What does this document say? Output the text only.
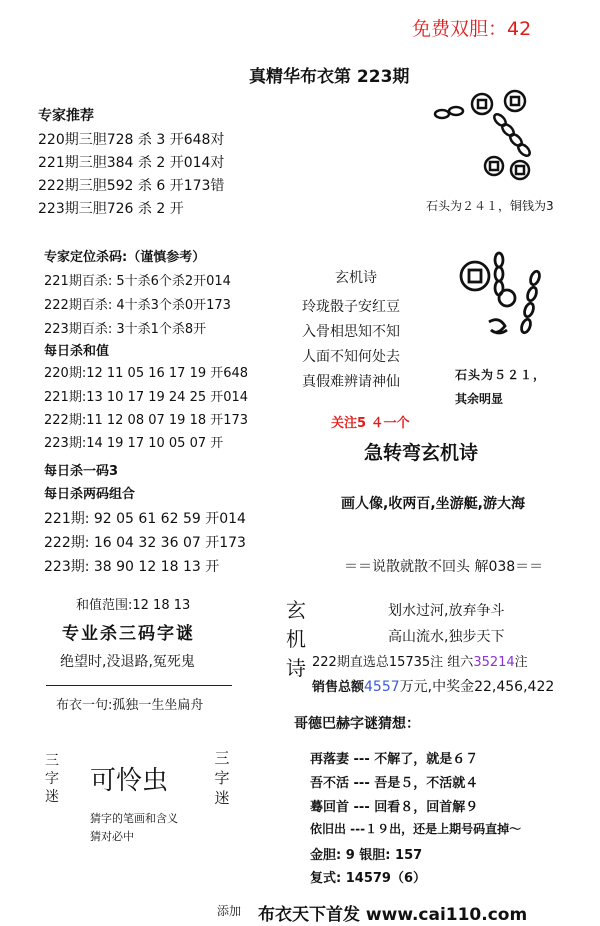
免费双胆：42
真精华布衣第 223期
专家推荐
220期三胆728 杀 3 开648对
221期三胆384 杀 2 开014对
222期三胆592 杀 6 开173错
223期三胆726 杀 2 开
专家定位杀码:（谨慎参考）
221期百杀: 5十杀6个杀2开014
222期百杀: 4十杀3个杀0开173
223期百杀: 3十杀1个杀8开
每日杀和值
220期:12 11 05 16 17 19 开648
221期:13 10 17 19 24 25 开014
222期:11 12 08 07 19 18 开173
223期:14 19 17 10 05 07 开
每日杀一码3
每日杀两码组合
221期: 92 05 61 62 59 开014
222期: 16 04 32 36 07 开173
223期: 38 90 12 18 13 开
和值范围:12 18 13
专业杀三码字谜
绝望时,没退路,冤死鬼
布衣一句:孤独一生坐扁舟
三
字
迷
可怜虫
三
字
迷
猜字的笔画和含义
猜对必中
石头为２４１，铜钱为3
玄机诗
玲珑骰子安红豆
入骨相思知不知
人面不知何处去
真假难辨请神仙	石头为５２１，
其余明显
关注5 ４一个
急转弯玄机诗
画人像,收两百,坐游艇,游大海
＝＝说散就散不回头 解038＝＝
玄
机
诗
划水过河,放弃争斗
高山流水,独步天下
222期直选总15735注 组六35214注
销售总额4557万元,中奖金22,456,422
哥德巴赫字谜猜想：
再落妻 --- 不解了，就是６７
吾不活 --- 吾是５，不活就４
蓦回首 --- 回看８，回首解９
依旧出 ---１９出，还是上期号码直掉～
金胆: 9 银胆: 157
复式: 14579（6）
添加 布衣天下首发 www.cai110.com
